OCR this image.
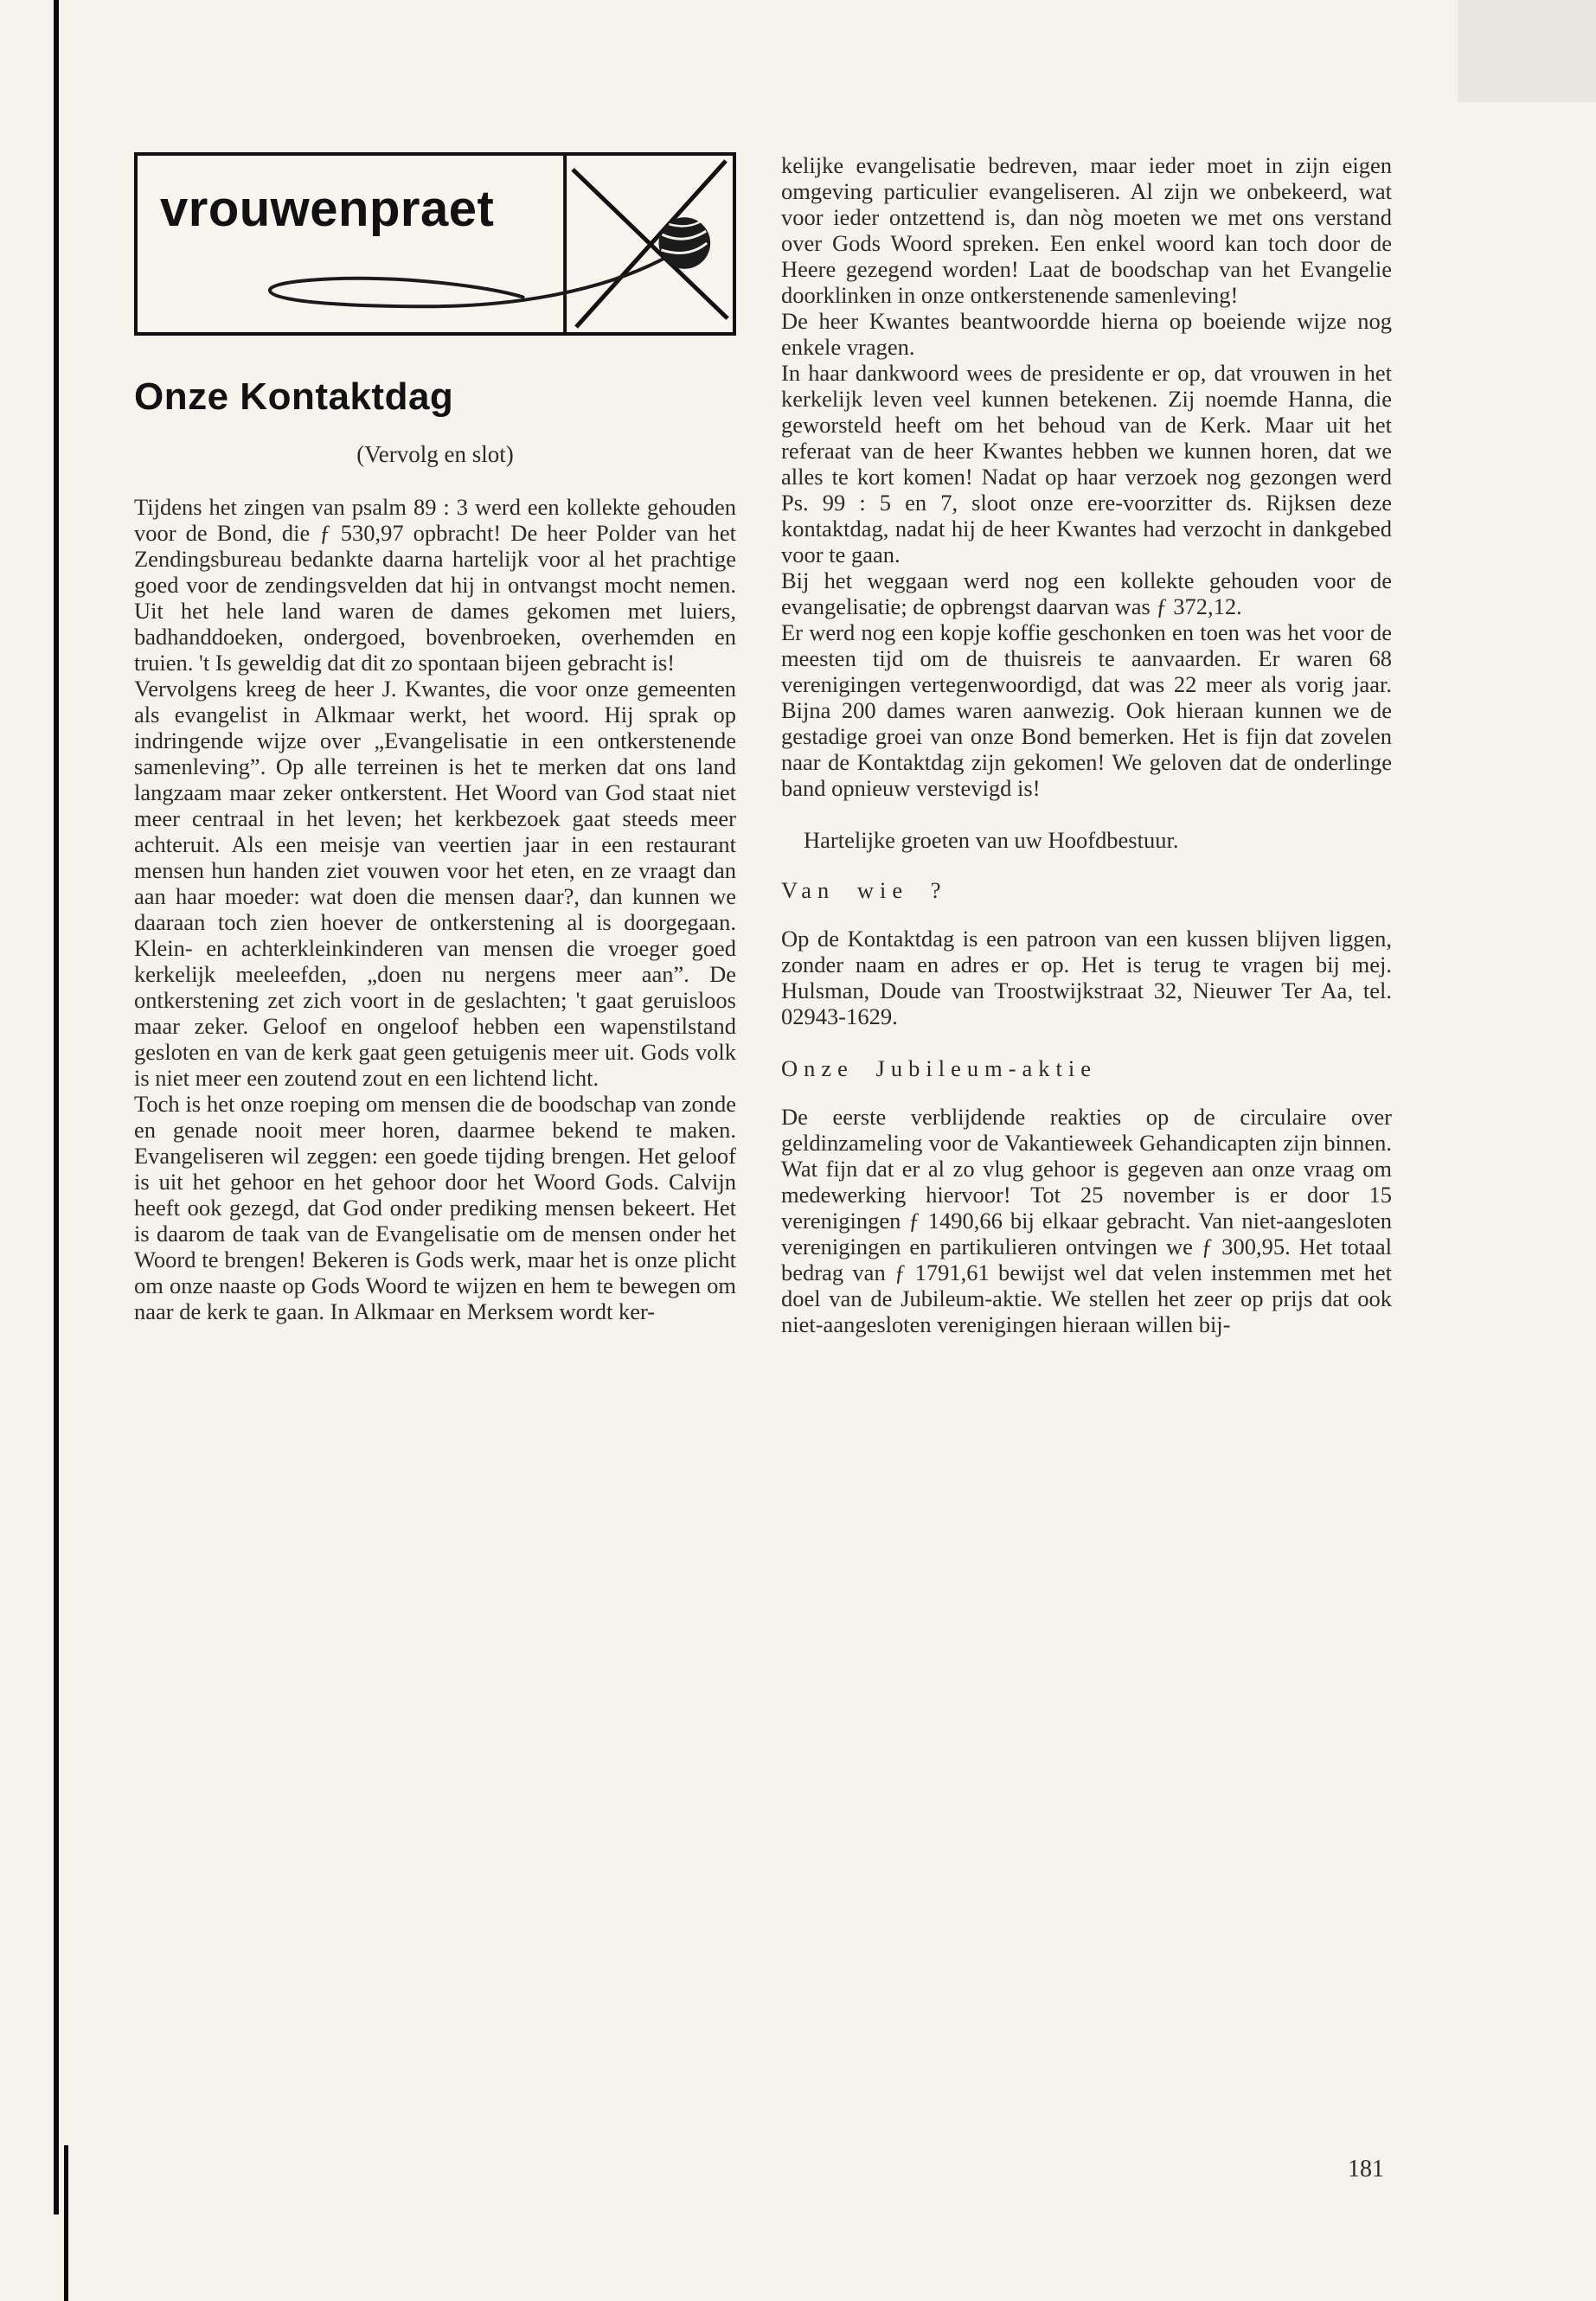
vrouwenpraet
Onze Kontaktdag
(Vervolg en slot)

Tijdens het zingen van psalm 89 : 3 werd een kollekte gehouden voor de Bond, die ƒ 530,97 opbracht! De heer Polder van het Zendingsbureau bedankte daarna hartelijk voor al het prachtige goed voor de zendingsvelden dat hij in ontvangst mocht nemen. Uit het hele land waren de dames gekomen met luiers, badhanddoeken, ondergoed, bovenbroeken, overhemden en truien. 't Is geweldig dat dit zo spontaan bijeen gebracht is!

Vervolgens kreeg de heer J. Kwantes, die voor onze gemeenten als evangelist in Alkmaar werkt, het woord. Hij sprak op indringende wijze over „Evangelisatie in een ontkerstenende samenleving”. Op alle terreinen is het te merken dat ons land langzaam maar zeker ontkerstent. Het Woord van God staat niet meer centraal in het leven; het kerkbezoek gaat steeds meer achteruit. Als een meisje van veertien jaar in een restaurant mensen hun handen ziet vouwen voor het eten, en ze vraagt dan aan haar moeder: wat doen die mensen daar?, dan kunnen we daaraan toch zien hoever de ontkerstening al is doorgegaan. Klein- en achterkleinkinderen van mensen die vroeger goed kerkelijk meeleefden, „doen nu nergens meer aan”. De ontkerstening zet zich voort in de geslachten; 't gaat geruisloos maar zeker. Geloof en ongeloof hebben een wapenstilstand gesloten en van de kerk gaat geen getuigenis meer uit. Gods volk is niet meer een zoutend zout en een lichtend licht.

Toch is het onze roeping om mensen die de boodschap van zonde en genade nooit meer horen, daarmee bekend te maken. Evangeliseren wil zeggen: een goede tijding brengen. Het geloof is uit het gehoor en het gehoor door het Woord Gods. Calvijn heeft ook gezegd, dat God onder prediking mensen bekeert. Het is daarom de taak van de Evangelisatie om de mensen onder het Woord te brengen! Bekeren is Gods werk, maar het is onze plicht om onze naaste op Gods Woord te wijzen en hem te bewegen om naar de kerk te gaan. In Alkmaar en Merksem wordt ker-

kelijke evangelisatie bedreven, maar ieder moet in zijn eigen omgeving particulier evangeliseren. Al zijn we onbekeerd, wat voor ieder ontzettend is, dan nòg moeten we met ons verstand over Gods Woord spreken. Een enkel woord kan toch door de Heere gezegend worden! Laat de boodschap van het Evangelie doorklinken in onze ontkerstenende samenleving!

De heer Kwantes beantwoordde hierna op boeiende wijze nog enkele vragen.

In haar dankwoord wees de presidente er op, dat vrouwen in het kerkelijk leven veel kunnen betekenen. Zij noemde Hanna, die geworsteld heeft om het behoud van de Kerk. Maar uit het referaat van de heer Kwantes hebben we kunnen horen, dat we alles te kort komen! Nadat op haar verzoek nog gezongen werd Ps. 99 : 5 en 7, sloot onze ere-voorzitter ds. Rijksen deze kontaktdag, nadat hij de heer Kwantes had verzocht in dankgebed voor te gaan.

Bij het weggaan werd nog een kollekte gehouden voor de evangelisatie; de opbrengst daarvan was ƒ 372,12.

Er werd nog een kopje koffie geschonken en toen was het voor de meesten tijd om de thuisreis te aanvaarden. Er waren 68 verenigingen vertegenwoordigd, dat was 22 meer als vorig jaar. Bijna 200 dames waren aanwezig. Ook hieraan kunnen we de gestadige groei van onze Bond bemerken. Het is fijn dat zovelen naar de Kontaktdag zijn gekomen! We geloven dat de onderlinge band opnieuw verstevigd is!

Hartelijke groeten van uw Hoofdbestuur.

Van wie ?

Op de Kontaktdag is een patroon van een kussen blijven liggen, zonder naam en adres er op. Het is terug te vragen bij mej. Hulsman, Doude van Troostwijkstraat 32, Nieuwer Ter Aa, tel. 02943-1629.

Onze Jubileum-aktie

De eerste verblijdende reakties op de circulaire over geldinzameling voor de Vakantieweek Gehandicapten zijn binnen. Wat fijn dat er al zo vlug gehoor is gegeven aan onze vraag om medewerking hiervoor! Tot 25 november is er door 15 verenigingen ƒ 1490,66 bij elkaar gebracht. Van niet-aangesloten verenigingen en partikulieren ontvingen we ƒ 300,95. Het totaal bedrag van ƒ 1791,61 bewijst wel dat velen instemmen met het doel van de Jubileum-aktie. We stellen het zeer op prijs dat ook niet-aangesloten verenigingen hieraan willen bij-

181
